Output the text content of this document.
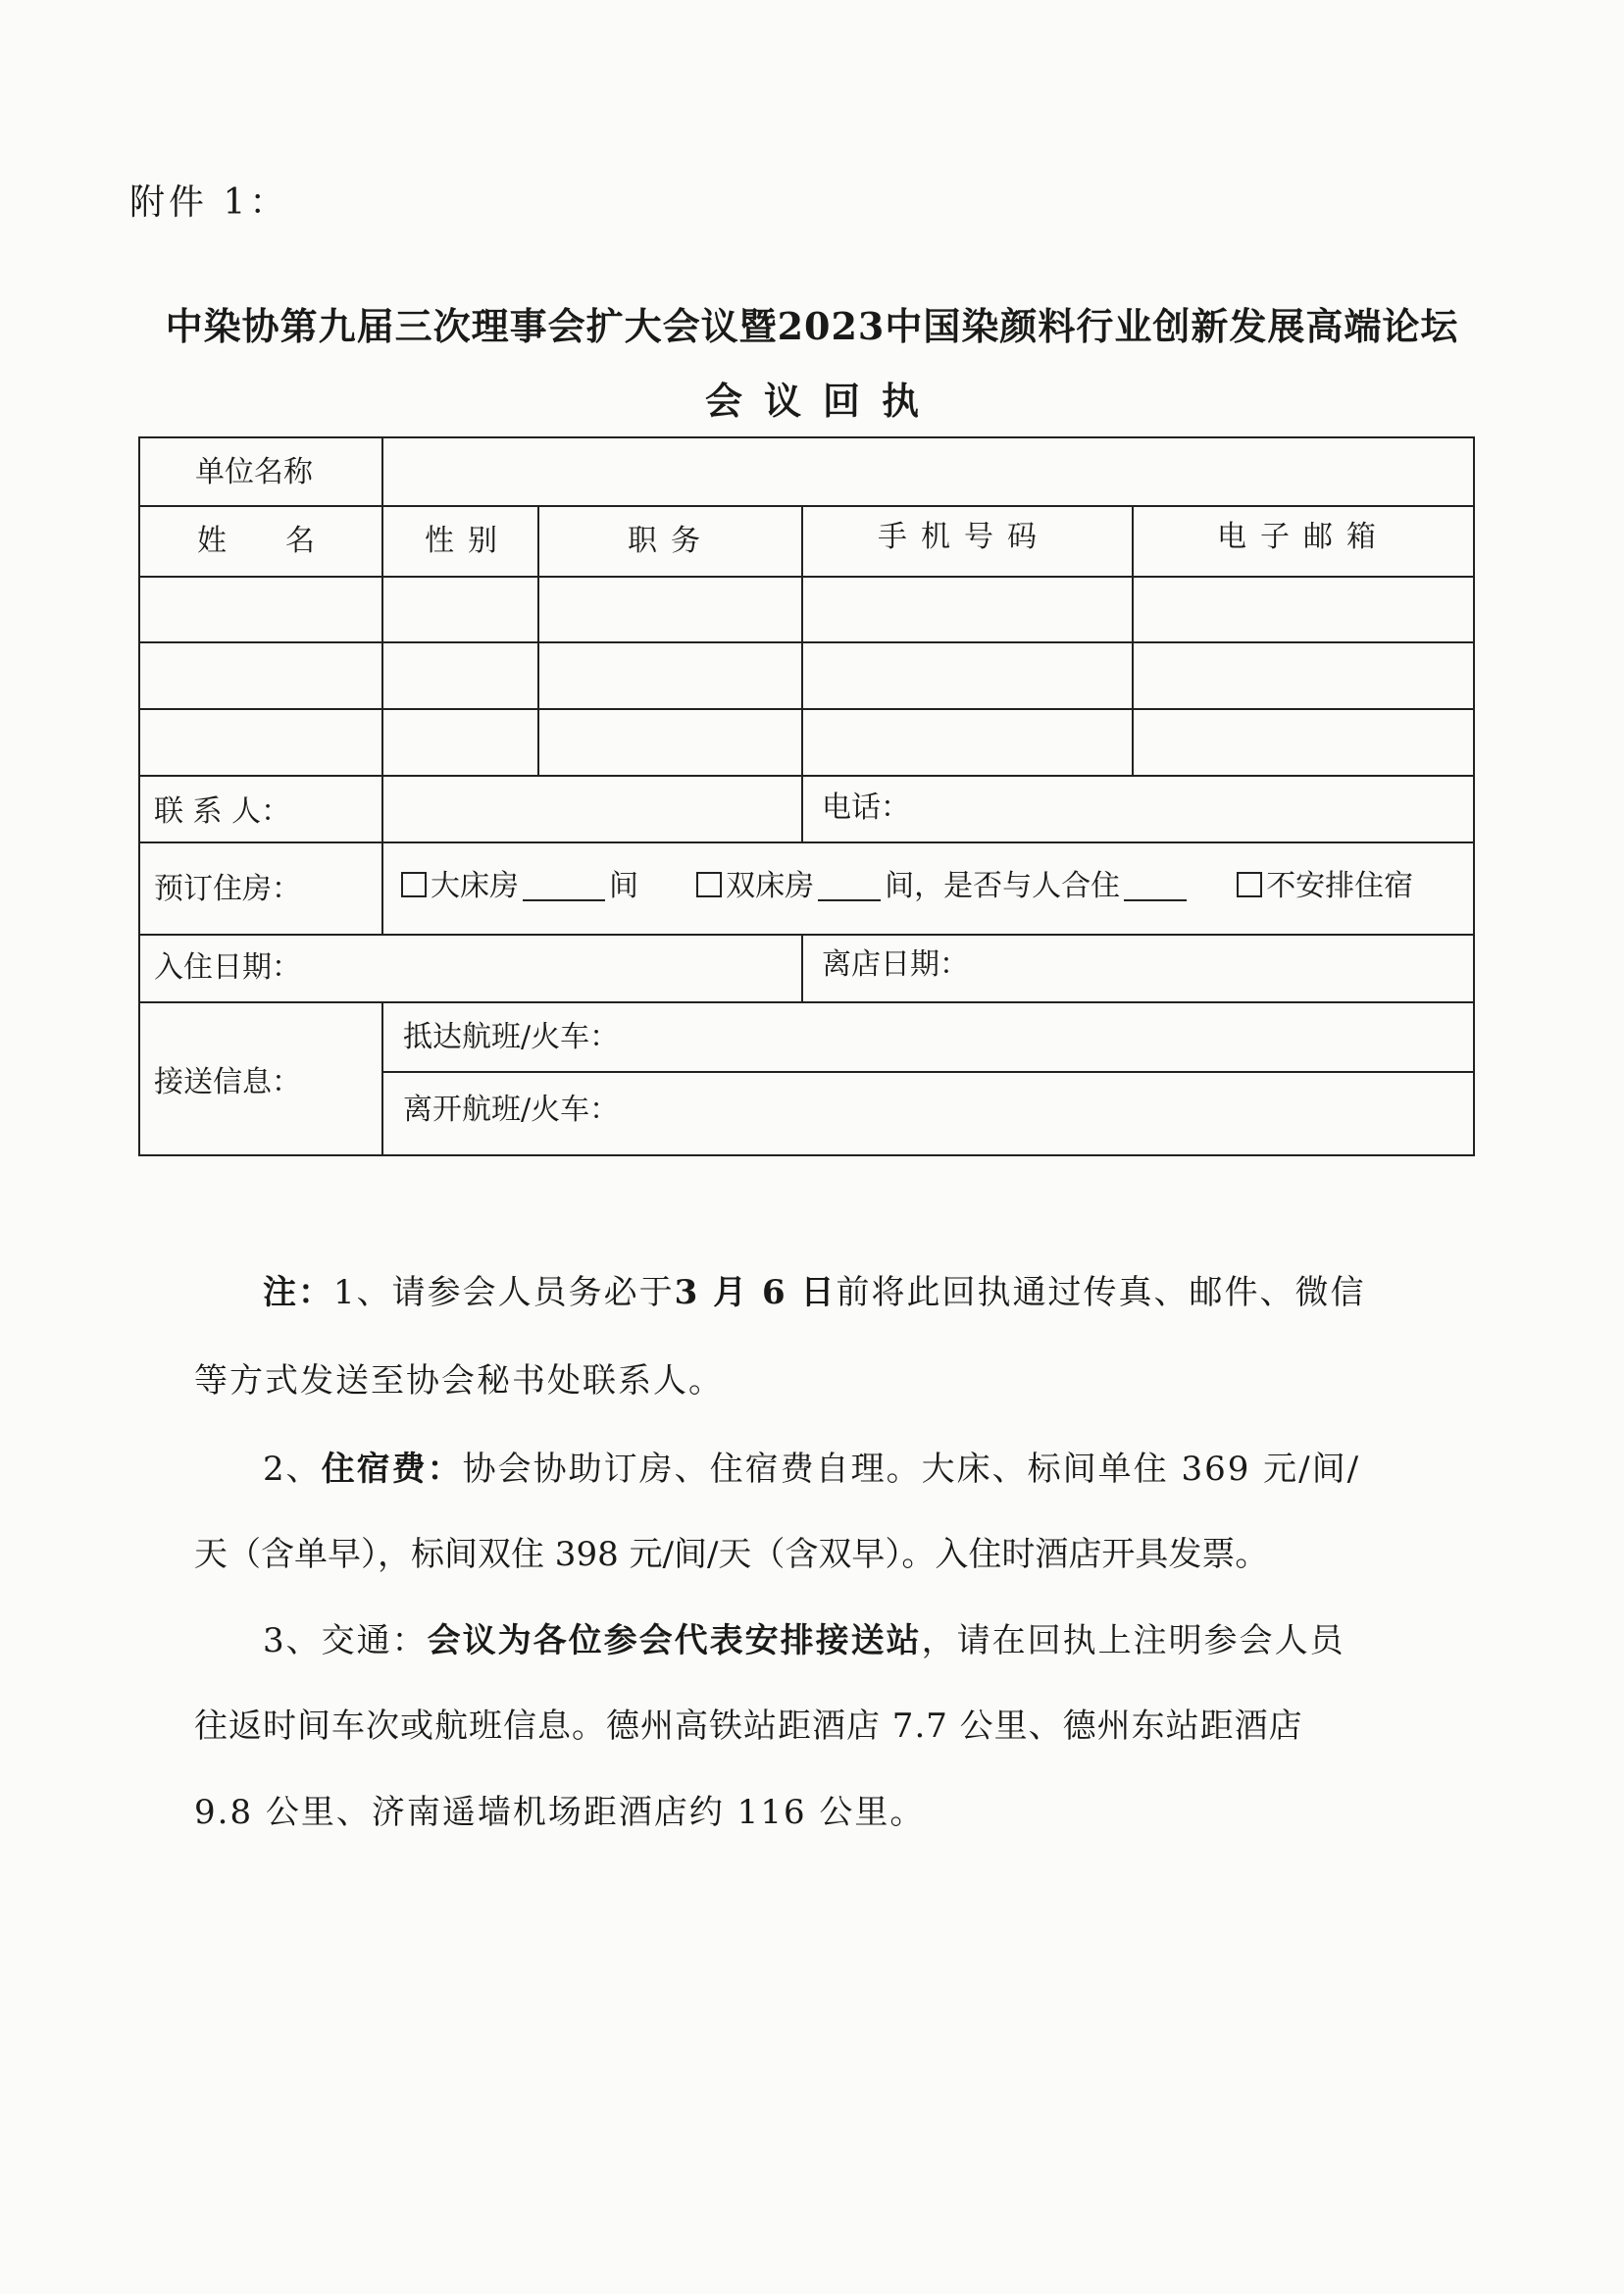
附件 1：
中染协第九届三次理事会扩大会议暨2023中国染颜料行业创新发展高端论坛
会议回执
单位名称
姓　　名	性别	职务	手机号码	电子邮箱
联 系 人：	电话：
预订住房：	大床房	间	双床房 间，是否与人合住	不安排住宿
入住日期：	离店日期：
接送信息：
抵达航班/火车：
离开航班/火车：
注：1、请参会人员务必于3 月 6 日前将此回执通过传真、邮件、微信
等方式发送至协会秘书处联系人。
2、住宿费：协会协助订房、住宿费自理。大床、标间单住 369 元/间/
天（含单早），标间双住 398 元/间/天（含双早）。入住时酒店开具发票。
3、交通：会议为各位参会代表安排接送站，请在回执上注明参会人员
往返时间车次或航班信息。德州高铁站距酒店 7.7 公里、德州东站距酒店
9.8 公里、济南遥墙机场距酒店约 116 公里。
